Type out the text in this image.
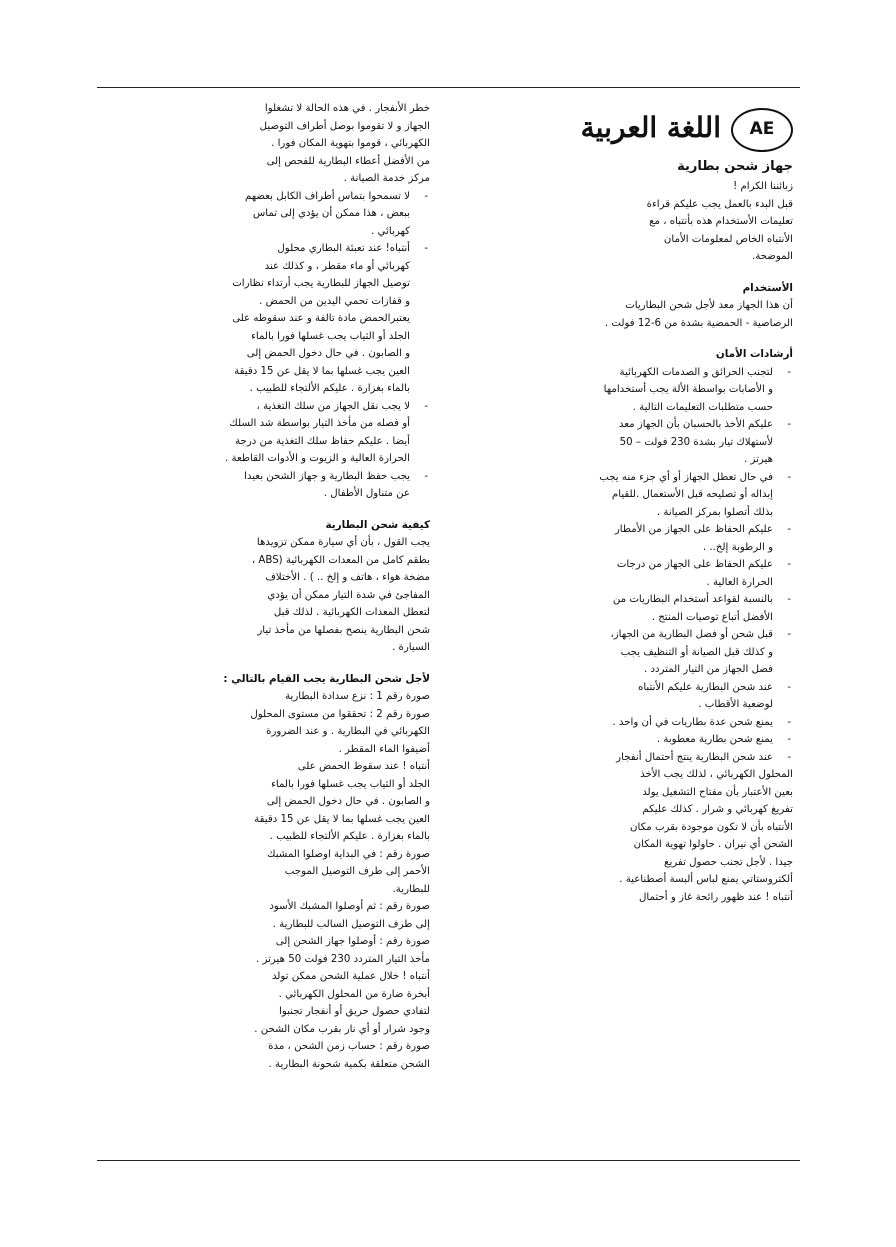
AE
اللغة العربية
جهاز شحن بطارية
زبائننا الكرام !
قبل البدء بالعمل يجب عليكم قراءة
تعليمات الأستخدام هذه بأنتباه ، مع
الأنتباه الخاص لمعلومات الأمان
الموضحة.
الأستخدام
أن هذا الجهاز معد لأجل شحن البطاريات
الرصاصية - الحمضية بشدة من 6-12 فولت .
أرشادات الأمان
- لتجنب الحرائق و الصدمات الكهربائية
و الأصابات بواسطة الألة يجب أستخدامها
حسب متطلبات التعليمات التالية .
- عليكم الأخذ بالحسبان بأن الجهاز معد
لأستهلاك تيار بشدة 230 فولت – 50
هيرتز .
- في حال تعطل الجهاز أو أي جزء منه يجب
إبداله أو تصليحه قبل الأستعمال .للقيام
بذلك أتصلوا بمركز الصيانة .
- عليكم الحفاظ على الجهاز من الأمطار
و الرطوبة إلخ.. .
- عليكم الحفاظ على الجهاز من درجات
الحرارة العالية .
- بالنسبة لقواعد أستخدام البطاريات من
الأفضل أتباع توصيات المنتج .
- قبل شحن أو فصل البطارية من الجهاز،
و كذلك قبل الصيانة أو التنظيف يجب
فصل الجهاز من التيار المتردد .
- عند شحن البطارية عليكم الأنتباه
لوضعية الأقطاب .
- يمنع شحن عدة بطاريات في أن واحد .
- يمنع شحن بطارية معطوبة .
- عند شحن البطارية ينتج أحتمال أنفجار
المحلول الكهربائي ، لذلك يجب الأخذ
بعين الأعتبار بأن مفتاح التشغيل يولد
تفريغ كهربائي و شرار . كذلك عليكم
الأنتباه بأن لا تكون موجودة بقرب مكان
الشحن أي نيران . حاولوا تهوية المكان
جيدا . لأجل تجنب حصول تفريغ
ألكتروستاتي يمنع لباس ألبسة أصطناعية .
أنتباه ! عند ظهور رائحة غاز و أحتمال
خطر الأنفجار . في هذه الحالة لا تشغلوا
الجهاز و لا تقوموا بوصل أطراف التوصيل
الكهربائي ، قوموا بتهوية المكان فورا .
من الأفضل أعطاء البطارية للفحص إلى
مركز خدمة الصيانة .
- لا تسمحوا بتماس أطراف الكابل بعضهم
ببعض ، هذا ممكن أن يؤدي إلى تماس
كهربائي .
- أنتباه! عند تعبئة البطاري محلول
كهربائي أو ماء مقطر ، و كذلك عند
توصيل الجهاز للبطارية يجب أرتداء نظارات
و قفازات تحمي اليدين من الحمض .
يعتبرالحمض مادة تالفة و عند سقوطه على
الجلد أو الثياب يجب غسلها فورا بالماء
و الصابون . في حال دخول الحمض إلى
العين يجب غسلها بما لا يقل عن 15 دقيقة
بالماء بغزارة . عليكم الألتجاء للطبيب .
- لا يجب نقل الجهاز من سلك التغذية ،
أو فصله من مأخذ التيار بواسطة شد السلك
أيضا . عليكم حفاظ سلك التغذية من درجة
الحرارة العالية و الزيوت و الأدوات القاطعة .
- يجب حفظ البطارية و جهاز الشحن بعيدا
عن متناول الأطفال .
كيفية شحن البطارية
يجب القول ، بأن أي سيارة ممكن تزويدها
بطقم كامل من المعدات الكهربائية (ABS ،
مضخة هواء ، هاتف و إلخ .. ) . الأختلاف
المفاجئ في شدة التيار ممكن أن يؤدي
لتعطل المعدات الكهربائية . لذلك قبل
شحن البطارية ينصح بفصلها من مأخذ تيار
السيارة .
لأجل شحن البطارية يجب القيام بالتالي :
صورة رقم 1 : نزع سدادة البطارية
صورة رقم 2 : تحققوا من مستوى المحلول
الكهربائي في البطارية . و عند الضرورة
أضيفوا الماء المقطر .
أنتباه ! عند سقوط الحمض على
الجلد أو الثياب يجب غسلها فورا بالماء
و الصابون . في حال دخول الحمض إلى
العين يجب غسلها بما لا يقل عن 15 دقيقة
بالماء بغزارة . عليكم الألتجاء للطبيب .
صورة رقم : في البداية اوصلوا المشبك
الأحمر إلى طرف التوصيل الموجب
للبطارية.
صورة رقم : ثم أوصلوا المشبك الأسود
إلى طرف التوصيل السالب للبطارية .
صورة رقم : أوصلوا جهاز الشحن إلى
مأخذ التيار المتردد 230 فولت 50 هيرتز .
أنتباه ! خلال عملية الشحن ممكن تولد
أبخرة ضارة من المحلول الكهربائي .
لتفادي حصول حريق أو أنفجار تجنبوا
وجود شرار أو أي نار بقرب مكان الشحن .
صورة رقم : حساب زمن الشحن ، مدة
الشحن متعلقة بكمية شحونة البطارية .
